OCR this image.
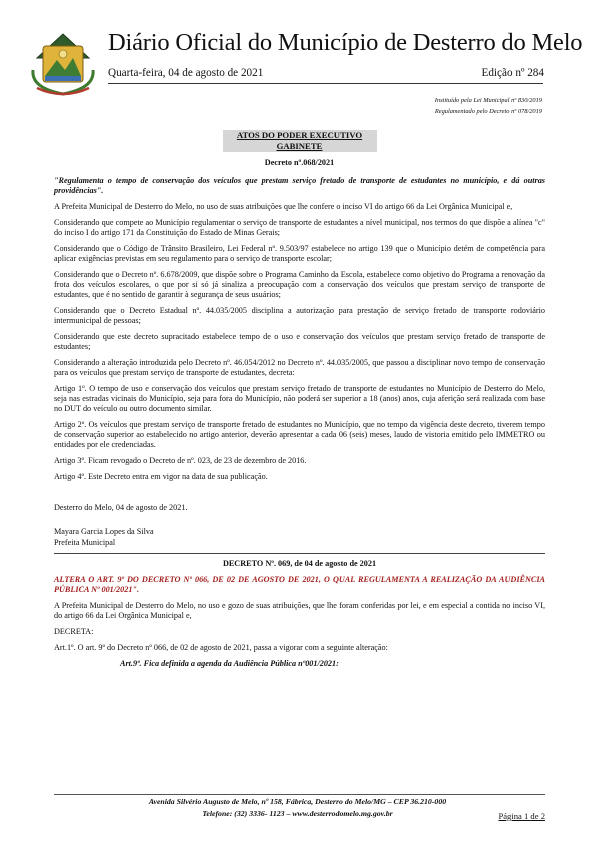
Diário Oficial do Município de Desterro do Melo
Quarta-feira, 04 de agosto de 2021	Edição nº 284
Instituído pela Lei Municipal nº 830/2019
Regulamentado pelo Decreto nº 078/2019
ATOS DO PODER EXECUTIVO
GABINETE
Decreto nº.068/2021

"Regulamenta o tempo de conservação dos veículos que prestam serviço fretado de transporte de estudantes no município, e dá outras providências".

A Prefeita Municipal de Desterro do Melo, no uso de suas atribuições que lhe confere o inciso VI do artigo 66 da Lei Orgânica Municipal e,

Considerando que compete ao Município regulamentar o serviço de transporte de estudantes a nível municipal, nos termos do que dispõe a alínea "c" do inciso I do artigo 171 da Constituição do Estado de Minas Gerais;

Considerando que o Código de Trânsito Brasileiro, Lei Federal nº. 9.503/97 estabelece no artigo 139 que o Município detém de competência para aplicar exigências previstas em seu regulamento para o serviço de transporte escolar;

Considerando que o Decreto nº. 6.678/2009, que dispõe sobre o Programa Caminho da Escola, estabelece como objetivo do Programa a renovação da frota dos veículos escolares, o que por si só já sinaliza a preocupação com a conservação dos veículos que prestam serviço de transporte de estudantes, que é no sentido de garantir à segurança de seus usuários;

Considerando que o Decreto Estadual nº. 44.035/2005 disciplina a autorização para prestação de serviço fretado de transporte rodoviário intermunicipal de pessoas;

Considerando que este decreto supracitado estabelece tempo de o uso e conservação dos veículos que prestam serviço fretado de transporte de estudantes;

Considerando a alteração introduzida pelo Decreto nº. 46.054/2012 no Decreto nº. 44.035/2005, que passou a disciplinar novo tempo de conservação para os veículos que prestam serviço de transporte de estudantes, decreta:

Artigo 1º. O tempo de uso e conservação dos veículos que prestam serviço fretado de transporte de estudantes no Município de Desterro do Melo, seja nas estradas vicinais do Município, seja para fora do Município, não poderá ser superior a 18 (anos) anos, cuja aferição será realizada com base no DUT do veículo ou outro documento similar.

Artigo 2º. Os veículos que prestam serviço de transporte fretado de estudantes no Município, que no tempo da vigência deste decreto, tiverem tempo de conservação superior ao estabelecido no artigo anterior, deverão apresentar a cada 06 (seis) meses, laudo de vistoria emitido pelo IMMETRO ou entidades por ele credenciadas.

Artigo 3º. Ficam revogado o Decreto de nº. 023, de 23 de dezembro de 2016.

Artigo 4º. Este Decreto entra em vigor na data de sua publicação.

Desterro do Melo, 04 de agosto de 2021.

Mayara Garcia Lopes da Silva
Prefeita Municipal
DECRETO Nº. 069, de 04 de agosto de 2021

ALTERA O ART. 9º DO DECRETO Nº 066, DE 02 DE AGOSTO DE 2021, O QUAL REGULAMENTA A REALIZAÇÃO DA AUDIÊNCIA PÚBLICA Nº 001/2021".

A Prefeita Municipal de Desterro do Melo, no uso e gozo de suas atribuições, que lhe foram conferidas por lei, e em especial a contida no inciso VI, do artigo 66 da Lei Orgânica Municipal e,

DECRETA:

Art.1º. O art. 9º do Decreto nº 066, de 02 de agosto de 2021, passa a vigorar com a seguinte alteração:

Art.9º. Fica definida a agenda da Audiência Pública nº001/2021:

Avenida Silvério Augusto de Melo, nº 158, Fábrica, Desterro do Melo/MG – CEP 36.210-000
Telefone: (32) 3336- 1123 – www.desterrodomelo.mg.gov.br	Página 1 de 2
